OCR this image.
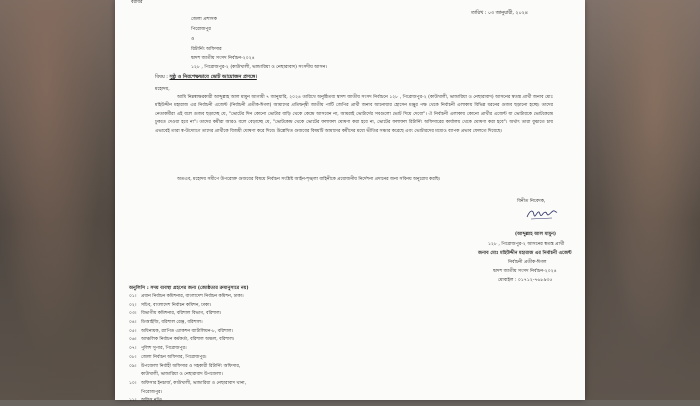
বরাবর
তারিখ : ০৩ জানুয়ারী, ২০২৪
জেলা প্রশাসক
পিরোজপুর
ও
রিটার্নিং অফিসার
দ্বাদশ জাতীয় সংসদ নির্বাচন-২০২৪
১২৮ , পিরোজপুর-২ (কাউখালী, ভান্ডারিয়া ও নেছারাবাদ) সংসদীয় আসন।
বিষয় : সুষ্ঠু ও নিরপেক্ষভাবে ভোট আয়োজন প্রসঙ্গে।
মহোদয়,
আমি নিম্নস্বাক্ষরকারী আব্দুল্লাহ আল মামুন আগামী ৭ জানুয়ারি, ২০২৪ তারিখে অনুষ্ঠিতব্য দ্বাদশ জাতীয় সংসদ নির্বাচনে ১২৮ , পিরোজপুর-২ (কাউখালী, ভান্ডারিয়া ও নেছারাবাদ) আসনের স্বতন্ত্র প্রার্থী জনাব মোঃ মহিউদ্দীন মহারাজ এর নির্বাচনী এজেন্ট (নির্বাচনী প্রতীক-ঈগল) আমাদের প্রতিদ্বন্দ্বী জাতীয় পার্টি জেপির প্রার্থী জনাব আনোয়ার হোসেন মঞ্জুর পক্ষ থেকে নির্বাচনী এলাকায় বিভিন্ন ধরনের গুজব ছড়ানো হচ্ছে। তাদের নেতাকর্মীরা এই বলে গুজব ছড়াচ্ছে যে, "ভোটের দিন কোনো ভোটার বাড়ি থেকে কেন্দ্রে আসবেন না, আমরাই ভোটার্দের সবগুলো ভোট দিয়ে দেবো"। ঐ নির্বাচনী এলাকায় কোনো প্রার্থীর এজেন্ট যা ভোটারকে ভোটকেন্দ্রে ঢুকতে দেওয়া হবে না"। তাদের কর্মীরা আরও বলে বেড়াচ্ছে যে, "ভোটকেন্দ্র থেকে ভোটের ফলাফল ঘোষণা করা হবে না, ভোটের ফলাফল রিটার্নিং অফিসারের কার্যালয় থেকে ঘোষণা করা হবে"। অর্থাৎ তারা বুঝাতে চায় এভাবেই তারা স্ব-উদ্যোগে তাদের প্রার্থীকে বিজয়ী ঘোষণা করে দিবে। উল্লেখিত গুজবের বিষয়টি আমাদের কর্মীদের মধ্যে ভীতির সঞ্চার করেছে এবং ভোটারদের মধ্যেও ব্যাপক প্রভাব ফেলতে দিয়েছে।
অতএব, মহোদয় সমীপে উপরোক্ত গুজবের বিষয়ে নির্বাচন সংশ্লিষ্ট আইন-শৃঙ্খলা বাহিনীকে প্রয়োজনীয় নির্দেশনা প্রদানের জন্য সবিনয় অনুরোধ করছি।
বিনীত নিবেদক,
(আব্দুল্লাহ আল মামুন)
১২৮ , পিরোজপুর-২ আসনের স্বতন্ত্র প্রার্থী
জনাব মোঃ মহিউদ্দীন মহারাজ এর নির্বাচনী এজেন্ট
নির্বাচনী প্রতীক-ঈগল
দ্বাদশ জাতীয় সংসদ নির্বাচন-২০২৪
মোবাইল : ০১৭১২-৭৬৮৯৩৫
অনুলিপি : সদয় ব্যবস্থা গ্রহণের জন্য (জ্যেষ্ঠতার ক্রমানুসারে নয়)
০১। প্রধান নির্বাচন কমিশনার, বাংলাদেশ নির্বাচন কমিশন, ঢাকা।
০২। সচিব, বাংলাদেশ নির্বাচন কমিশন, ঢাকা।
০৩। বিভাগীয় কমিশনার, বরিশাল বিভাগ, বরিশাল।
০৪। ডিআইজি, বরিশাল রেঞ্জ, বরিশাল।
০৫। অধিনায়ক, র‍্যাপিড এ্যাকশন ব্যাটালিয়ন-৮, বরিশাল।
০৬। আঞ্চলিক নির্বাচন কর্মকর্তা, বরিশাল অঞ্চল, বরিশাল।
০৭। পুলিশ সুপার, পিরোজপুর।
০৮। জেলা নির্বাচন অফিসার, পিরোজপুর।
০৯। উপজেলা নির্বাহী অফিসার ও সহকারী রিটার্নিং অফিসার,
কাউখালী, ভান্ডারিয়া ও নেছারাবাদ উপজেলা।
১০। অফিসার ইনচার্জ, কাউখালী, ভান্ডারিয়া ও নেছারাবাদ থানা,
পিরোজপুর।
১১। অফিস নথি।
